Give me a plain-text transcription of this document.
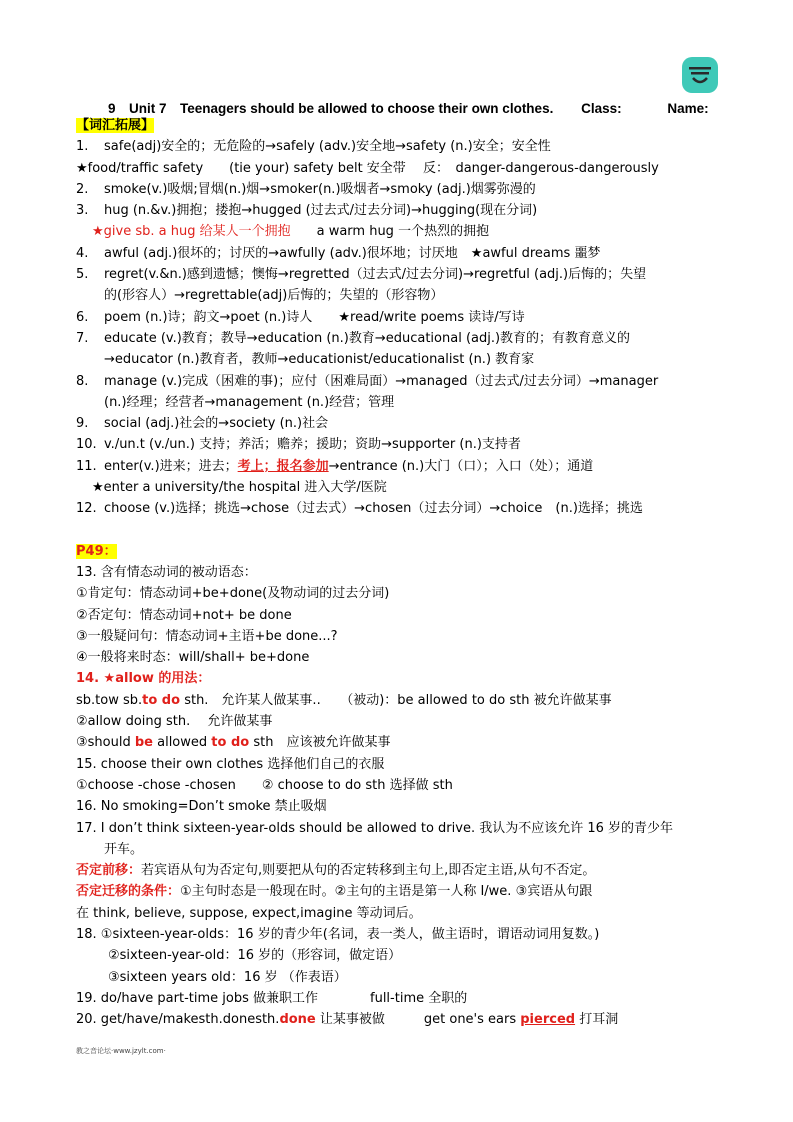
9　Unit 7　Teenagers should be allowed to choose their own clothes. Class:	Name:
【词汇拓展】
1. safe(adj)安全的；无危险的→safely (adv.)安全地→safety (n.)安全；安全性
★food/traffic safety　　(tie your) safety belt 安全带　 反：　danger-dangerous-dangerously
2. smoke(v.)吸烟;冒烟(n.)烟→smoker(n.)吸烟者→smoky (adj.)烟雾弥漫的
3. hug (n.&v.)拥抱；搂抱→hugged (过去式/过去分词)→hugging(现在分词)
★give sb. a hug 给某人一个拥抱　　a warm hug 一个热烈的拥抱
4. awful (adj.)很坏的；讨厌的→awfully (adv.)很坏地；讨厌地　★awful dreams 噩梦
5. regret(v.&n.)感到遗憾；懊悔→regretted（过去式/过去分词)→regretful (adj.)后悔的；失望
的(形容人）→regrettable(adj)后悔的；失望的（形容物）
6. poem (n.)诗；韵文→poet (n.)诗人　　★read/write poems 读诗/写诗
7. educate (v.)教育；教导→education (n.)教育→educational (adj.)教育的；有教育意义的
→educator (n.)教育者，教师→educationist/educationalist (n.) 教育家
8. manage (v.)完成（困难的事)；应付（困难局面）→managed（过去式/过去分词）→manager
(n.)经理；经营者→management (n.)经营；管理
9. social (adj.)社会的→society (n.)社会
10. v./un.t (v./un.) 支持；养活；赡养；援助；资助→supporter (n.)支持者
11. enter(v.)进来；进去；考上；报名参加→entrance (n.)大门（口）；入口（处）；通道
★enter a university/the hospital 进入大学/医院
12. choose (v.)选择；挑选→chose（过去式）→chosen（过去分词）→choice　(n.)选择；挑选
P49：
13. 含有情态动词的被动语态：
①肯定句：情态动词+be+done(及物动词的过去分词)
②否定句：情态动词+not+ be done
③一般疑问句：情态动词+主语+be done...?
④一般将来时态：will/shall+ be+done
14. ★allow 的用法：
sb.tow sb.to do sth.　允许某人做某事..　　（被动)：be allowed to do sth 被允许做某事
②allow doing sth.　 允许做某事
③should be allowed to do sth　应该被允许做某事
15. choose their own clothes 选择他们自己的衣服
①choose -chose -chosen　　② choose to do sth 选择做 sth
16. No smoking=Don’t smoke 禁止吸烟
17. I don’t think sixteen-year-olds should be allowed to drive. 我认为不应该允许 16 岁的青少年
开车。
否定前移：若宾语从句为否定句,则要把从句的否定转移到主句上,即否定主语,从句不否定。
否定迁移的条件：①主句时态是一般现在时。②主句的主语是第一人称 I/we. ③宾语从句跟
在 think, believe, suppose, expect,imagine 等动词后。
18. ①sixteen-year-olds：16 岁的青少年(名词，表一类人，做主语时，谓语动词用复数。)
②sixteen-year-old：16 岁的（形容词，做定语）
③sixteen years old：16 岁 （作表语）
19. do/have part-time jobs 做兼职工作　　　　full-time 全职的
20. get/have/makesth.donesth.done 让某事被做　　　get one's ears pierced 打耳洞
教之音论坛·www.jzylt.com·
